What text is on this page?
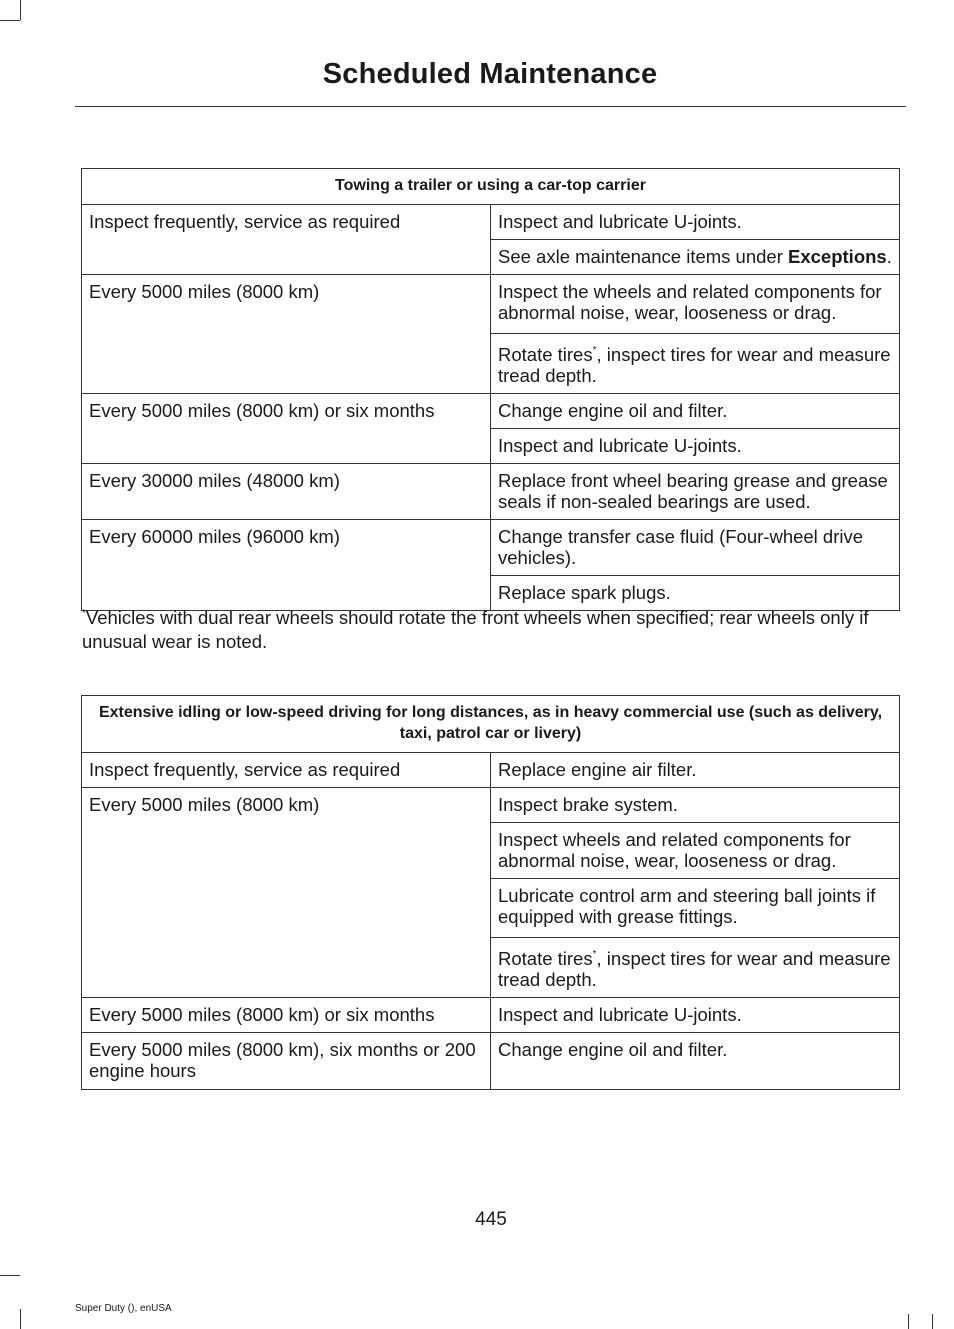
Scheduled Maintenance
Towing a trailer or using a car-top carrier	
Inspect frequently, service as required	Inspect and lubricate U-joints.
	See axle maintenance items under Exceptions.
Every 5000 miles (8000 km)	Inspect the wheels and related components for abnormal noise, wear, looseness or drag.
	Rotate tires*, inspect tires for wear and measure tread depth.
Every 5000 miles (8000 km) or six months	Change engine oil and filter.
	Inspect and lubricate U-joints.
Every 30000 miles (48000 km)	Replace front wheel bearing grease and grease seals if non-sealed bearings are used.
Every 60000 miles (96000 km)	Change transfer case fluid (Four-wheel drive vehicles).
	Replace spark plugs.
*Vehicles with dual rear wheels should rotate the front wheels when specified; rear wheels only if unusual wear is noted.
Extensive idling or low-speed driving for long distances, as in heavy commercial use (such as delivery, taxi, patrol car or livery)	
Inspect frequently, service as required	Replace engine air filter.
Every 5000 miles (8000 km)	Inspect brake system.
	Inspect wheels and related components for abnormal noise, wear, looseness or drag.
	Lubricate control arm and steering ball joints if equipped with grease fittings.
	Rotate tires*, inspect tires for wear and measure tread depth.
Every 5000 miles (8000 km) or six months	Inspect and lubricate U-joints.
Every 5000 miles (8000 km), six months or 200 engine hours	Change engine oil and filter.
445
Super Duty (), enUSA
